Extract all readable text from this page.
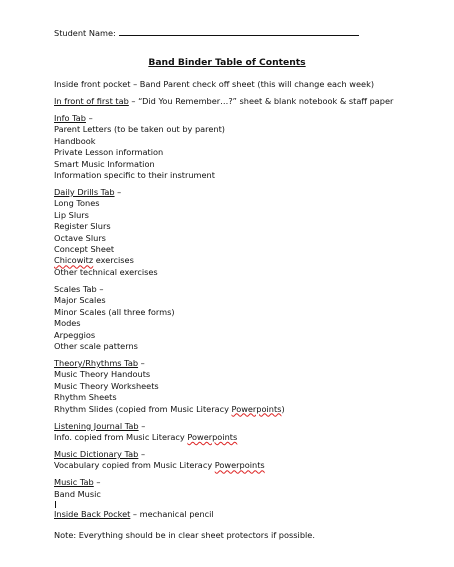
Student Name:
Band Binder Table of Contents
Inside front pocket – Band Parent check off sheet (this will change each week)
In front of first tab – “Did You Remember…?” sheet & blank notebook & staff paper
Info Tab –
Parent Letters (to be taken out by parent)
Handbook
Private Lesson information
Smart Music Information
Information specific to their instrument
Daily Drills Tab –
Long Tones
Lip Slurs
Register Slurs
Octave Slurs
Concept Sheet
Chicowitz exercises
Other technical exercises
Scales Tab –
Major Scales
Minor Scales (all three forms)
Modes
Arpeggios
Other scale patterns
Theory/Rhythms Tab –
Music Theory Handouts
Music Theory Worksheets
Rhythm Sheets
Rhythm Slides (copied from Music Literacy Powerpoints)
Listening Journal Tab –
Info. copied from Music Literacy Powerpoints
Music Dictionary Tab –
Vocabulary copied from Music Literacy Powerpoints
Music Tab –
Band Music
Inside Back Pocket – mechanical pencil
Note: Everything should be in clear sheet protectors if possible.
